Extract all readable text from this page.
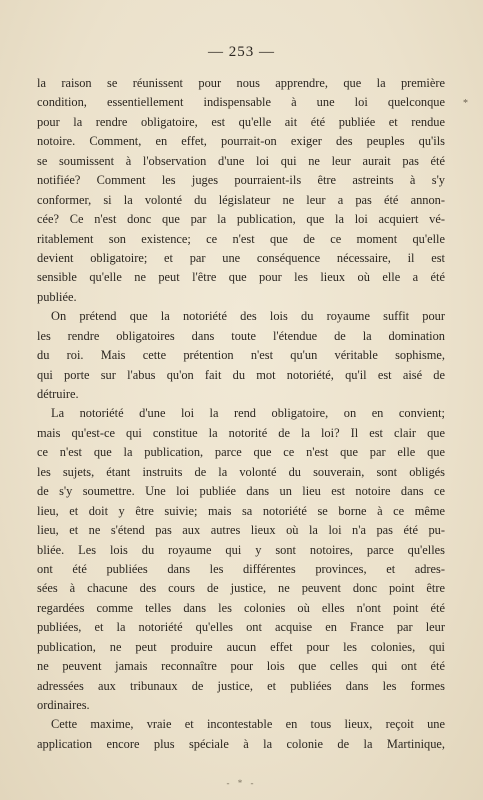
— 253 —
*
la raison se réunissent pour nous apprendre, que la première
condition, essentiellement indispensable à une loi quelconque
pour la rendre obligatoire, est qu'elle ait été publiée et rendue
notoire. Comment, en effet, pourrait-on exiger des peuples qu'ils
se soumissent à l'observation d'une loi qui ne leur aurait pas été
notifiée? Comment les juges pourraient-ils être astreints à s'y
conformer, si la volonté du législateur ne leur a pas été annon-
cée? Ce n'est donc que par la publication, que la loi acquiert vé-
ritablement son existence; ce n'est que de ce moment qu'elle
devient obligatoire; et par une conséquence nécessaire, il est
sensible qu'elle ne peut l'être que pour les lieux où elle a été
publiée.
On prétend que la notoriété des lois du royaume suffit pour
les rendre obligatoires dans toute l'étendue de la domination
du roi. Mais cette prétention n'est qu'un véritable sophisme,
qui porte sur l'abus qu'on fait du mot notoriété, qu'il est aisé de
détruire.
La notoriété d'une loi la rend obligatoire, on en convient;
mais qu'est-ce qui constitue la notorité de la loi? Il est clair que
ce n'est que la publication, parce que ce n'est que par elle que
les sujets, étant instruits de la volonté du souverain, sont obligés
de s'y soumettre. Une loi publiée dans un lieu est notoire dans ce
lieu, et doit y être suivie; mais sa notoriété se borne à ce même
lieu, et ne s'étend pas aux autres lieux où la loi n'a pas été pu-
bliée. Les lois du royaume qui y sont notoires, parce qu'elles
ont été publiées dans les différentes provinces, et adres-
sées à chacune des cours de justice, ne peuvent donc point être
regardées comme telles dans les colonies où elles n'ont point été
publiées, et la notoriété qu'elles ont acquise en France par leur
publication, ne peut produire aucun effet pour les colonies, qui
ne peuvent jamais reconnaître pour lois que celles qui ont été
adressées aux tribunaux de justice, et publiées dans les formes
ordinaires.
Cette maxime, vraie et incontestable en tous lieux, reçoit une
application encore plus spéciale à la colonie de la Martinique,
- * -
